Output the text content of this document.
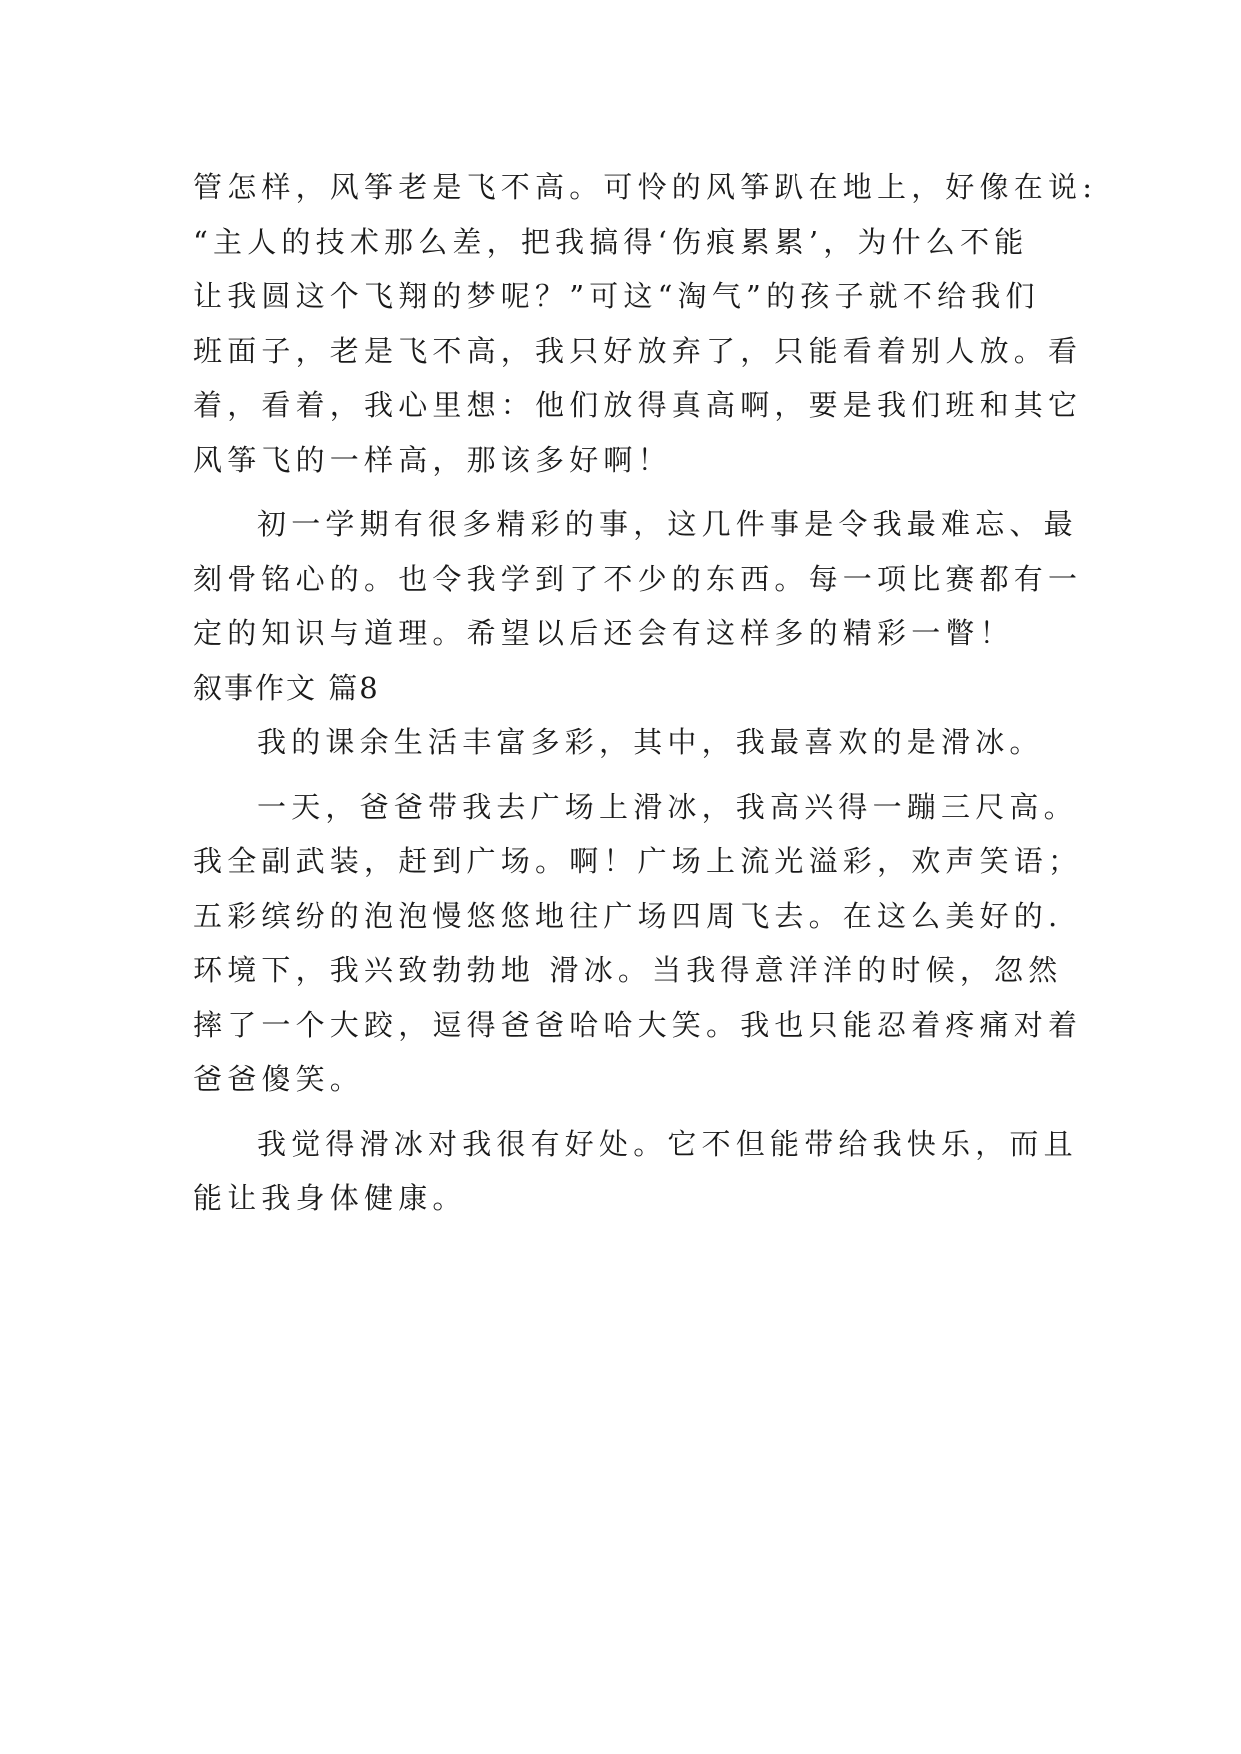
管怎样，风筝老是飞不高。可怜的风筝趴在地上，好像在说:
“主人的技术那么差，把我搞得‘伤痕累累’，为什么不能
让我圆这个飞翔的梦呢？”可这“淘气”的孩子就不给我们
班面子，老是飞不高，我只好放弃了，只能看着别人放。看
着，看着，我心里想：他们放得真高啊，要是我们班和其它
风筝飞的一样高，那该多好啊！
初一学期有很多精彩的事，这几件事是令我最难忘、最
刻骨铭心的。也令我学到了不少的东西。每一项比赛都有一
定的知识与道理。希望以后还会有这样多的精彩一瞥！
叙事作文 篇8
我的课余生活丰富多彩，其中，我最喜欢的是滑冰。
一天，爸爸带我去广场上滑冰，我高兴得一蹦三尺高。
我全副武装，赶到广场。啊！广场上流光溢彩，欢声笑语；
五彩缤纷的泡泡慢悠悠地往广场四周飞去。在这么美好的.
环境下，我兴致勃勃地 滑冰。当我得意洋洋的时候，忽然
摔了一个大跤，逗得爸爸哈哈大笑。我也只能忍着疼痛对着
爸爸傻笑。
我觉得滑冰对我很有好处。它不但能带给我快乐，而且
能让我身体健康。
